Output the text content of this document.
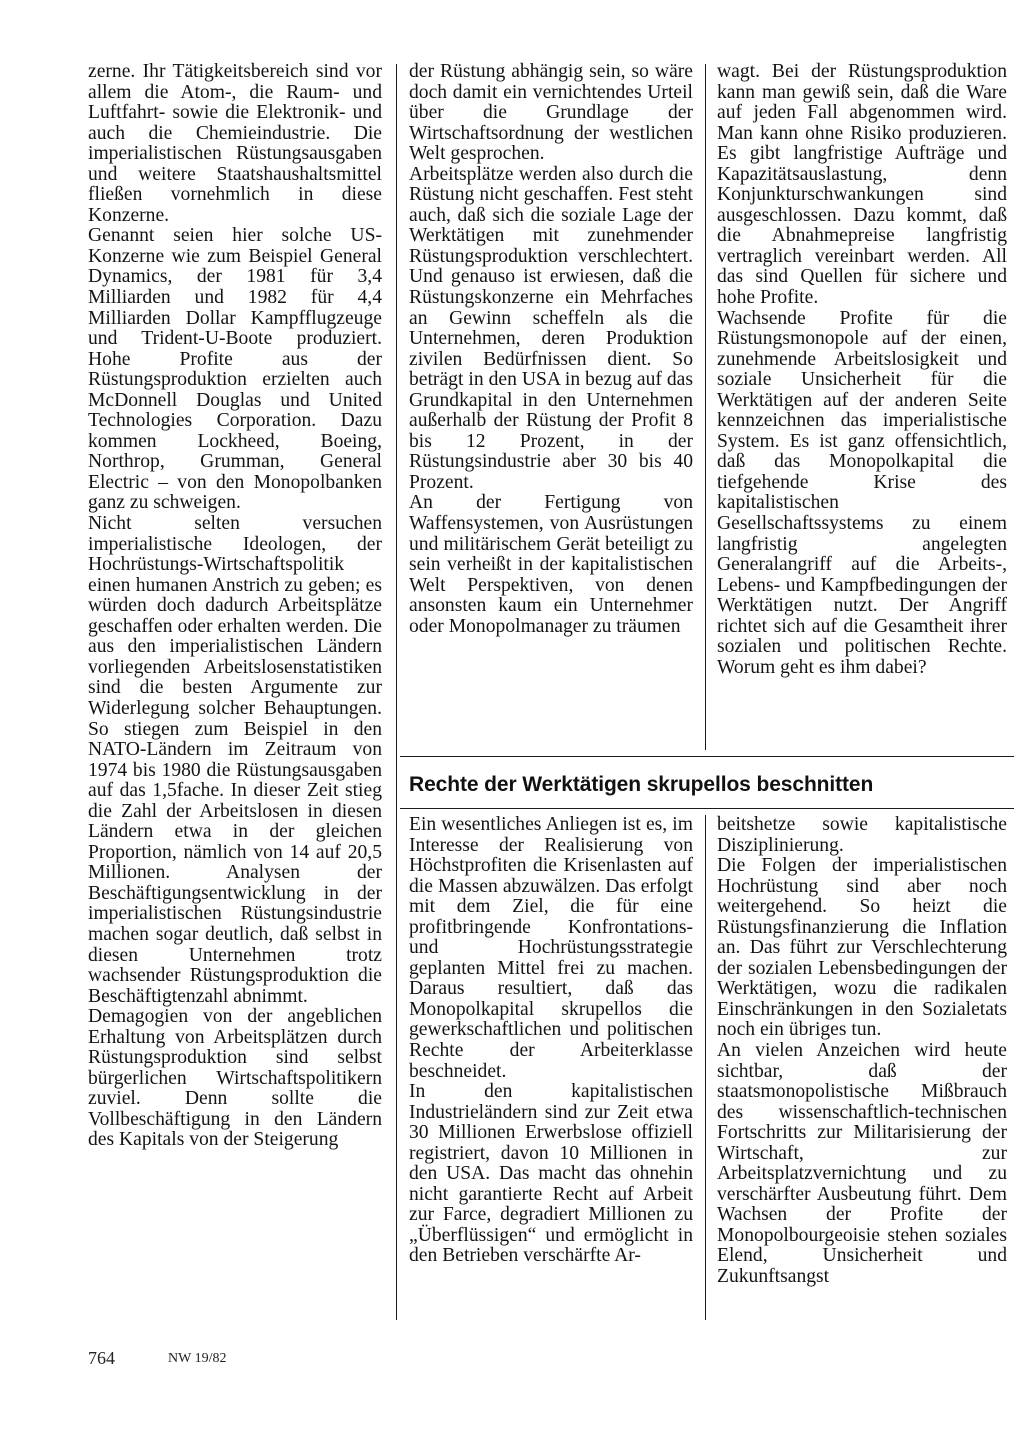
zerne. Ihr Tätigkeitsbereich sind vor allem die Atom-, die Raum- und Luftfahrt- sowie die Elektronik- und auch die Chemieindustrie. Die imperialistischen Rüstungsausgaben und weitere Staatshaushaltsmittel fließen vornehmlich in diese Konzerne.

Genannt seien hier solche US-Konzerne wie zum Beispiel General Dynamics, der 1981 für 3,4 Milliarden und 1982 für 4,4 Milliarden Dollar Kampfflugzeuge und Trident-U-Boote produziert. Hohe Profite aus der Rüstungsproduktion erzielten auch McDonnell Douglas und United Technologies Corporation. Dazu kommen Lockheed, Boeing, Northrop, Grumman, General Electric – von den Monopolbanken ganz zu schweigen.

Nicht selten versuchen imperialistische Ideologen, der Hochrüstungs-Wirtschaftspolitik einen humanen Anstrich zu geben; es würden doch dadurch Arbeitsplätze geschaffen oder erhalten werden. Die aus den imperialistischen Ländern vorliegenden Arbeitslosenstatistiken sind die besten Argumente zur Widerlegung solcher Behauptungen. So stiegen zum Beispiel in den NATO-Ländern im Zeitraum von 1974 bis 1980 die Rüstungsausgaben auf das 1,5fache. In dieser Zeit stieg die Zahl der Arbeitslosen in diesen Ländern etwa in der gleichen Proportion, nämlich von 14 auf 20,5 Millionen. Analysen der Beschäftigungsentwicklung in der imperialistischen Rüstungsindustrie machen sogar deutlich, daß selbst in diesen Unternehmen trotz wachsender Rüstungsproduktion die Beschäftigtenzahl abnimmt.

Demagogien von der angeblichen Erhaltung von Arbeitsplätzen durch Rüstungsproduktion sind selbst bürgerlichen Wirtschaftspolitikern zuviel. Denn sollte die Vollbeschäftigung in den Ländern des Kapitals von der Steigerung

der Rüstung abhängig sein, so wäre doch damit ein vernichtendes Urteil über die Grundlage der Wirtschaftsordnung der westlichen Welt gesprochen.

Arbeitsplätze werden also durch die Rüstung nicht geschaffen. Fest steht auch, daß sich die soziale Lage der Werktätigen mit zunehmender Rüstungsproduktion verschlechtert. Und genauso ist erwiesen, daß die Rüstungskonzerne ein Mehrfaches an Gewinn scheffeln als die Unternehmen, deren Produktion zivilen Bedürfnissen dient. So beträgt in den USA in bezug auf das Grundkapital in den Unternehmen außerhalb der Rüstung der Profit 8 bis 12 Prozent, in der Rüstungsindustrie aber 30 bis 40 Prozent.

An der Fertigung von Waffensystemen, von Ausrüstungen und militärischem Gerät beteiligt zu sein verheißt in der kapitalistischen Welt Perspektiven, von denen ansonsten kaum ein Unternehmer oder Monopolmanager zu träumen

wagt. Bei der Rüstungsproduktion kann man gewiß sein, daß die Ware auf jeden Fall abgenommen wird. Man kann ohne Risiko produzieren. Es gibt langfristige Aufträge und Kapazitätsauslastung, denn Konjunkturschwankungen sind ausgeschlossen. Dazu kommt, daß die Abnahmepreise langfristig vertraglich vereinbart werden. All das sind Quellen für sichere und hohe Profite.

Wachsende Profite für die Rüstungsmonopole auf der einen, zunehmende Arbeitslosigkeit und soziale Unsicherheit für die Werktätigen auf der anderen Seite kennzeichnen das imperialistische System. Es ist ganz offensichtlich, daß das Monopolkapital die tiefgehende Krise des kapitalistischen Gesellschaftssystems zu einem langfristig angelegten Generalangriff auf die Arbeits-, Lebens- und Kampfbedingungen der Werktätigen nutzt. Der Angriff richtet sich auf die Gesamtheit ihrer sozialen und politischen Rechte. Worum geht es ihm dabei?

Rechte der Werktätigen skrupellos beschnitten

Ein wesentliches Anliegen ist es, im Interesse der Realisierung von Höchstprofiten die Krisenlasten auf die Massen abzuwälzen. Das erfolgt mit dem Ziel, die für eine profitbringende Konfrontations- und Hochrüstungsstrategie geplanten Mittel frei zu machen. Daraus resultiert, daß das Monopolkapital skrupellos die gewerkschaftlichen und politischen Rechte der Arbeiterklasse beschneidet.

In den kapitalistischen Industrieländern sind zur Zeit etwa 30 Millionen Erwerbslose offiziell registriert, davon 10 Millionen in den USA. Das macht das ohnehin nicht garantierte Recht auf Arbeit zur Farce, degradiert Millionen zu „Überflüssigen“ und ermöglicht in den Betrieben verschärfte Ar-

beitshetze sowie kapitalistische Disziplinierung.

Die Folgen der imperialistischen Hochrüstung sind aber noch weitergehend. So heizt die Rüstungsfinanzierung die Inflation an. Das führt zur Verschlechterung der sozialen Lebensbedingungen der Werktätigen, wozu die radikalen Einschränkungen in den Sozialetats noch ein übriges tun.

An vielen Anzeichen wird heute sichtbar, daß der staatsmonopolistische Mißbrauch des wissenschaftlich-technischen Fortschritts zur Militarisierung der Wirtschaft, zur Arbeitsplatzvernichtung und zu verschärfter Ausbeutung führt. Dem Wachsen der Profite der Monopolbourgeoisie stehen soziales Elend, Unsicherheit und Zukunftsangst

764	NW 19/82
